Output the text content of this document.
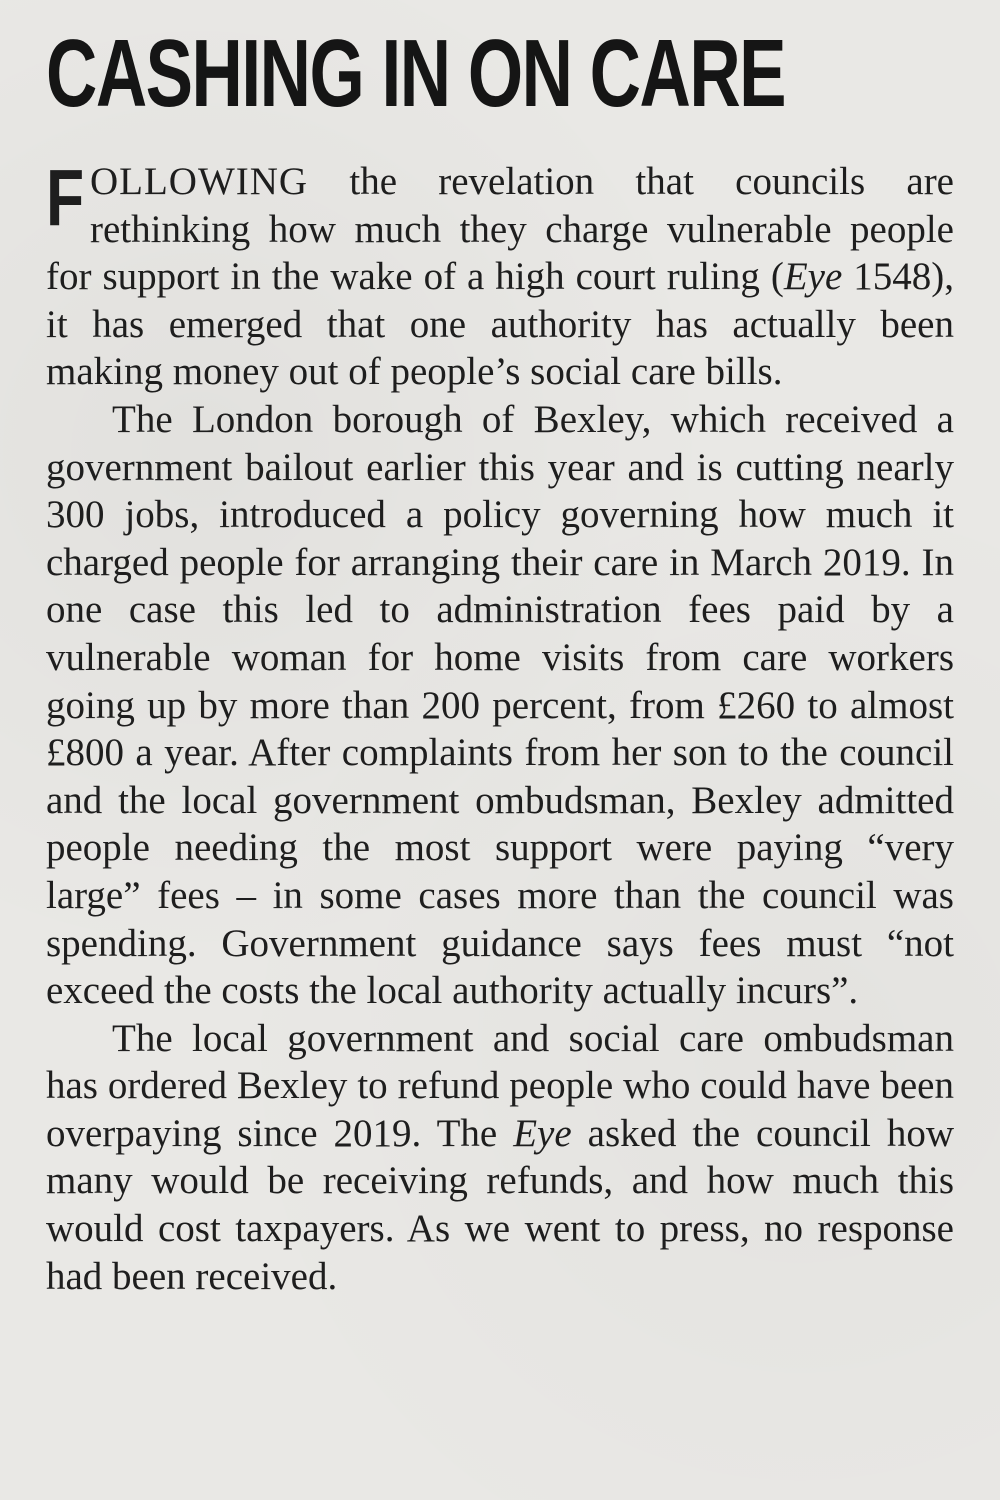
CASHING IN ON CARE

FOLLOWING the revelation that councils are rethinking how much they charge vulnerable people for support in the wake of a high court ruling (Eye 1548), it has emerged that one authority has actually been making money out of people’s social care bills.

The London borough of Bexley, which received a government bailout earlier this year and is cutting nearly 300 jobs, introduced a policy governing how much it charged people for arranging their care in March 2019. In one case this led to administration fees paid by a vulnerable woman for home visits from care workers going up by more than 200 percent, from £260 to almost £800 a year. After complaints from her son to the council and the local government ombudsman, Bexley admitted people needing the most support were paying “very large” fees – in some cases more than the council was spending. Government guidance says fees must “not exceed the costs the local authority actually incurs”.

The local government and social care ombudsman has ordered Bexley to refund people who could have been overpaying since 2019. The Eye asked the council how many would be receiving refunds, and how much this would cost taxpayers. As we went to press, no response had been received.
